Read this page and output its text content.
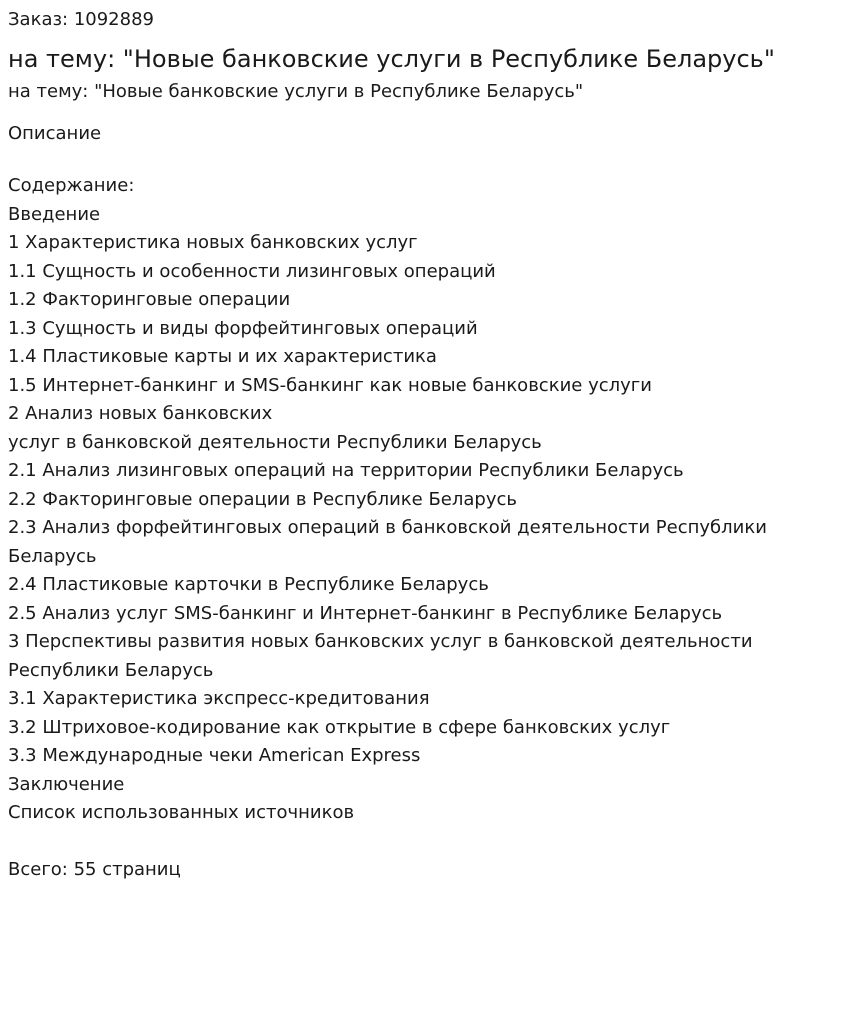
Заказ: 1092889

на тему: "Новые банковские услуги в Республике Беларусь"

на тему: "Новые банковские услуги в Республике Беларусь"

Описание

Содержание:

Введение
1 Характеристика новых банковских услуг
1.1 Сущность и особенности лизинговых операций
1.2 Факторинговые операции
1.3 Сущность и виды форфейтинговых операций
1.4 Пластиковые карты и их характеристика
1.5 Интернет-банкинг и SMS-банкинг как новые банковские услуги
2 Анализ новых банковских
услуг в банковской деятельности Республики Беларусь
2.1 Анализ лизинговых операций на территории Республики Беларусь
2.2 Факторинговые операции в Республике Беларусь
2.3 Анализ форфейтинговых операций в банковской деятельности Республики Беларусь
2.4 Пластиковые карточки в Республике Беларусь
2.5 Анализ услуг SMS-банкинг и Интернет-банкинг в Республике Беларусь
3 Перспективы развития новых банковских услуг в банковской деятельности Республики Беларусь
3.1 Характеристика экспресс-кредитования
3.2 Штриховое-кодирование как открытие в сфере банковских услуг
3.3 Международные чеки American Express
Заключение
Список использованных источников

Всего: 55 страниц
